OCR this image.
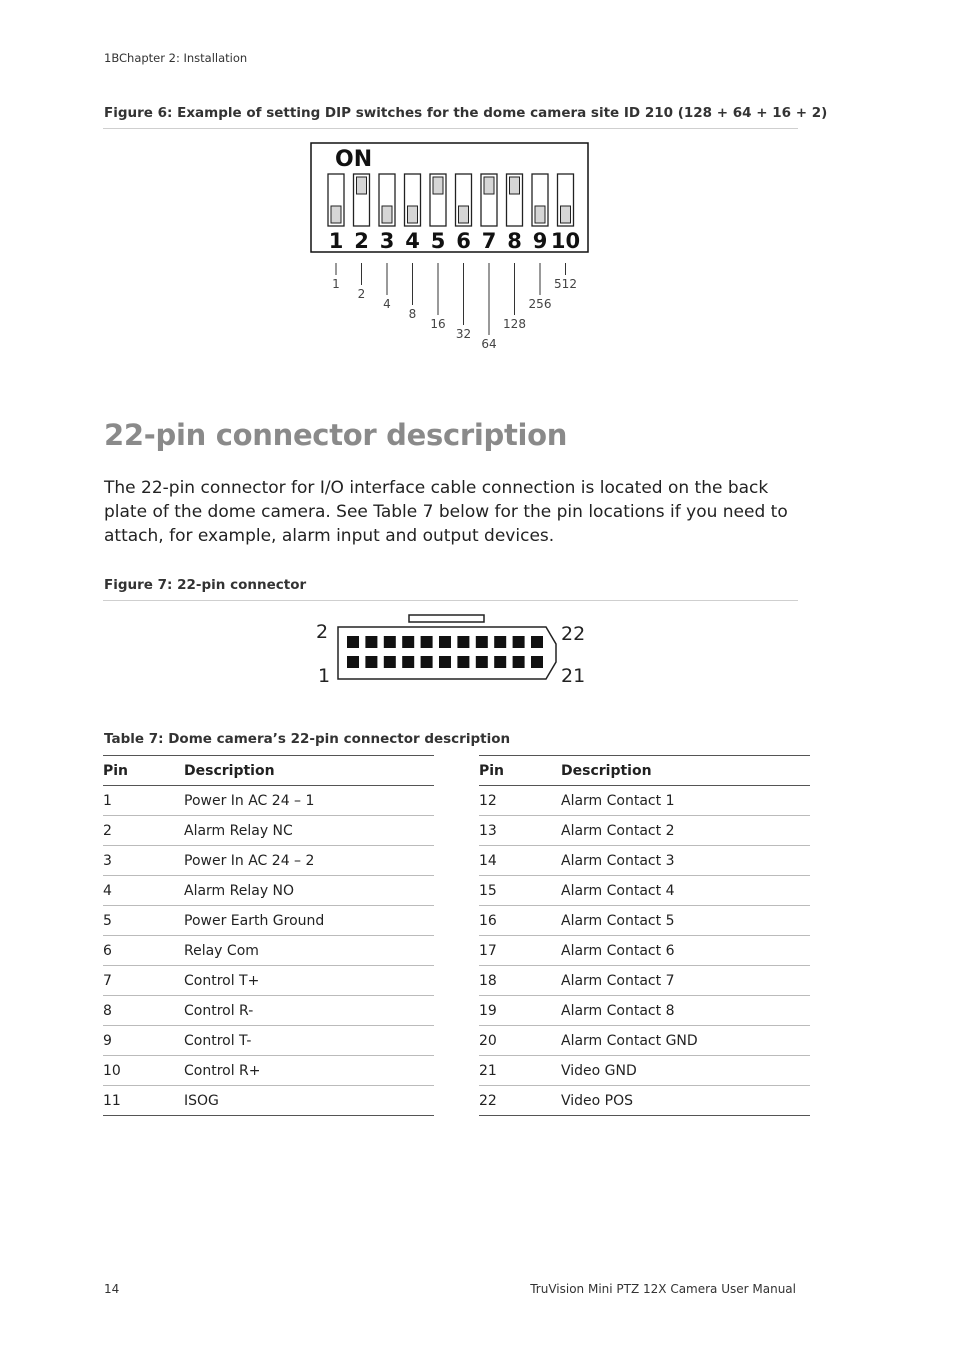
1BChapter 2: Installation
Figure 6: Example of setting DIP switches for the dome camera site ID 210 (128 + 64 + 16 + 2)
ON
1 2 3 4 5 6 7 8 9 10
1
2
4
8
16
32
64
128
256
512
22-pin connector description
The 22-pin connector for I/O interface cable connection is located on the back plate of the dome camera. See Table 7 below for the pin locations if you need to attach, for example, alarm input and output devices.
Figure 7: 22-pin connector
2
1
22
21
Table 7: Dome camera’s 22-pin connector description
Pin	Description
1	Power In AC 24 – 1
2	Alarm Relay NC
3	Power In AC 24 – 2
4	Alarm Relay NO
5	Power Earth Ground
6	Relay Com
7	Control T+
8	Control R-
9	Control T-
10	Control R+
11	ISOG
Pin	Description
12	Alarm Contact 1
13	Alarm Contact 2
14	Alarm Contact 3
15	Alarm Contact 4
16	Alarm Contact 5
17	Alarm Contact 6
18	Alarm Contact 7
19	Alarm Contact 8
20	Alarm Contact GND
21	Video GND
22	Video POS
14	TruVision Mini PTZ 12X Camera User Manual
